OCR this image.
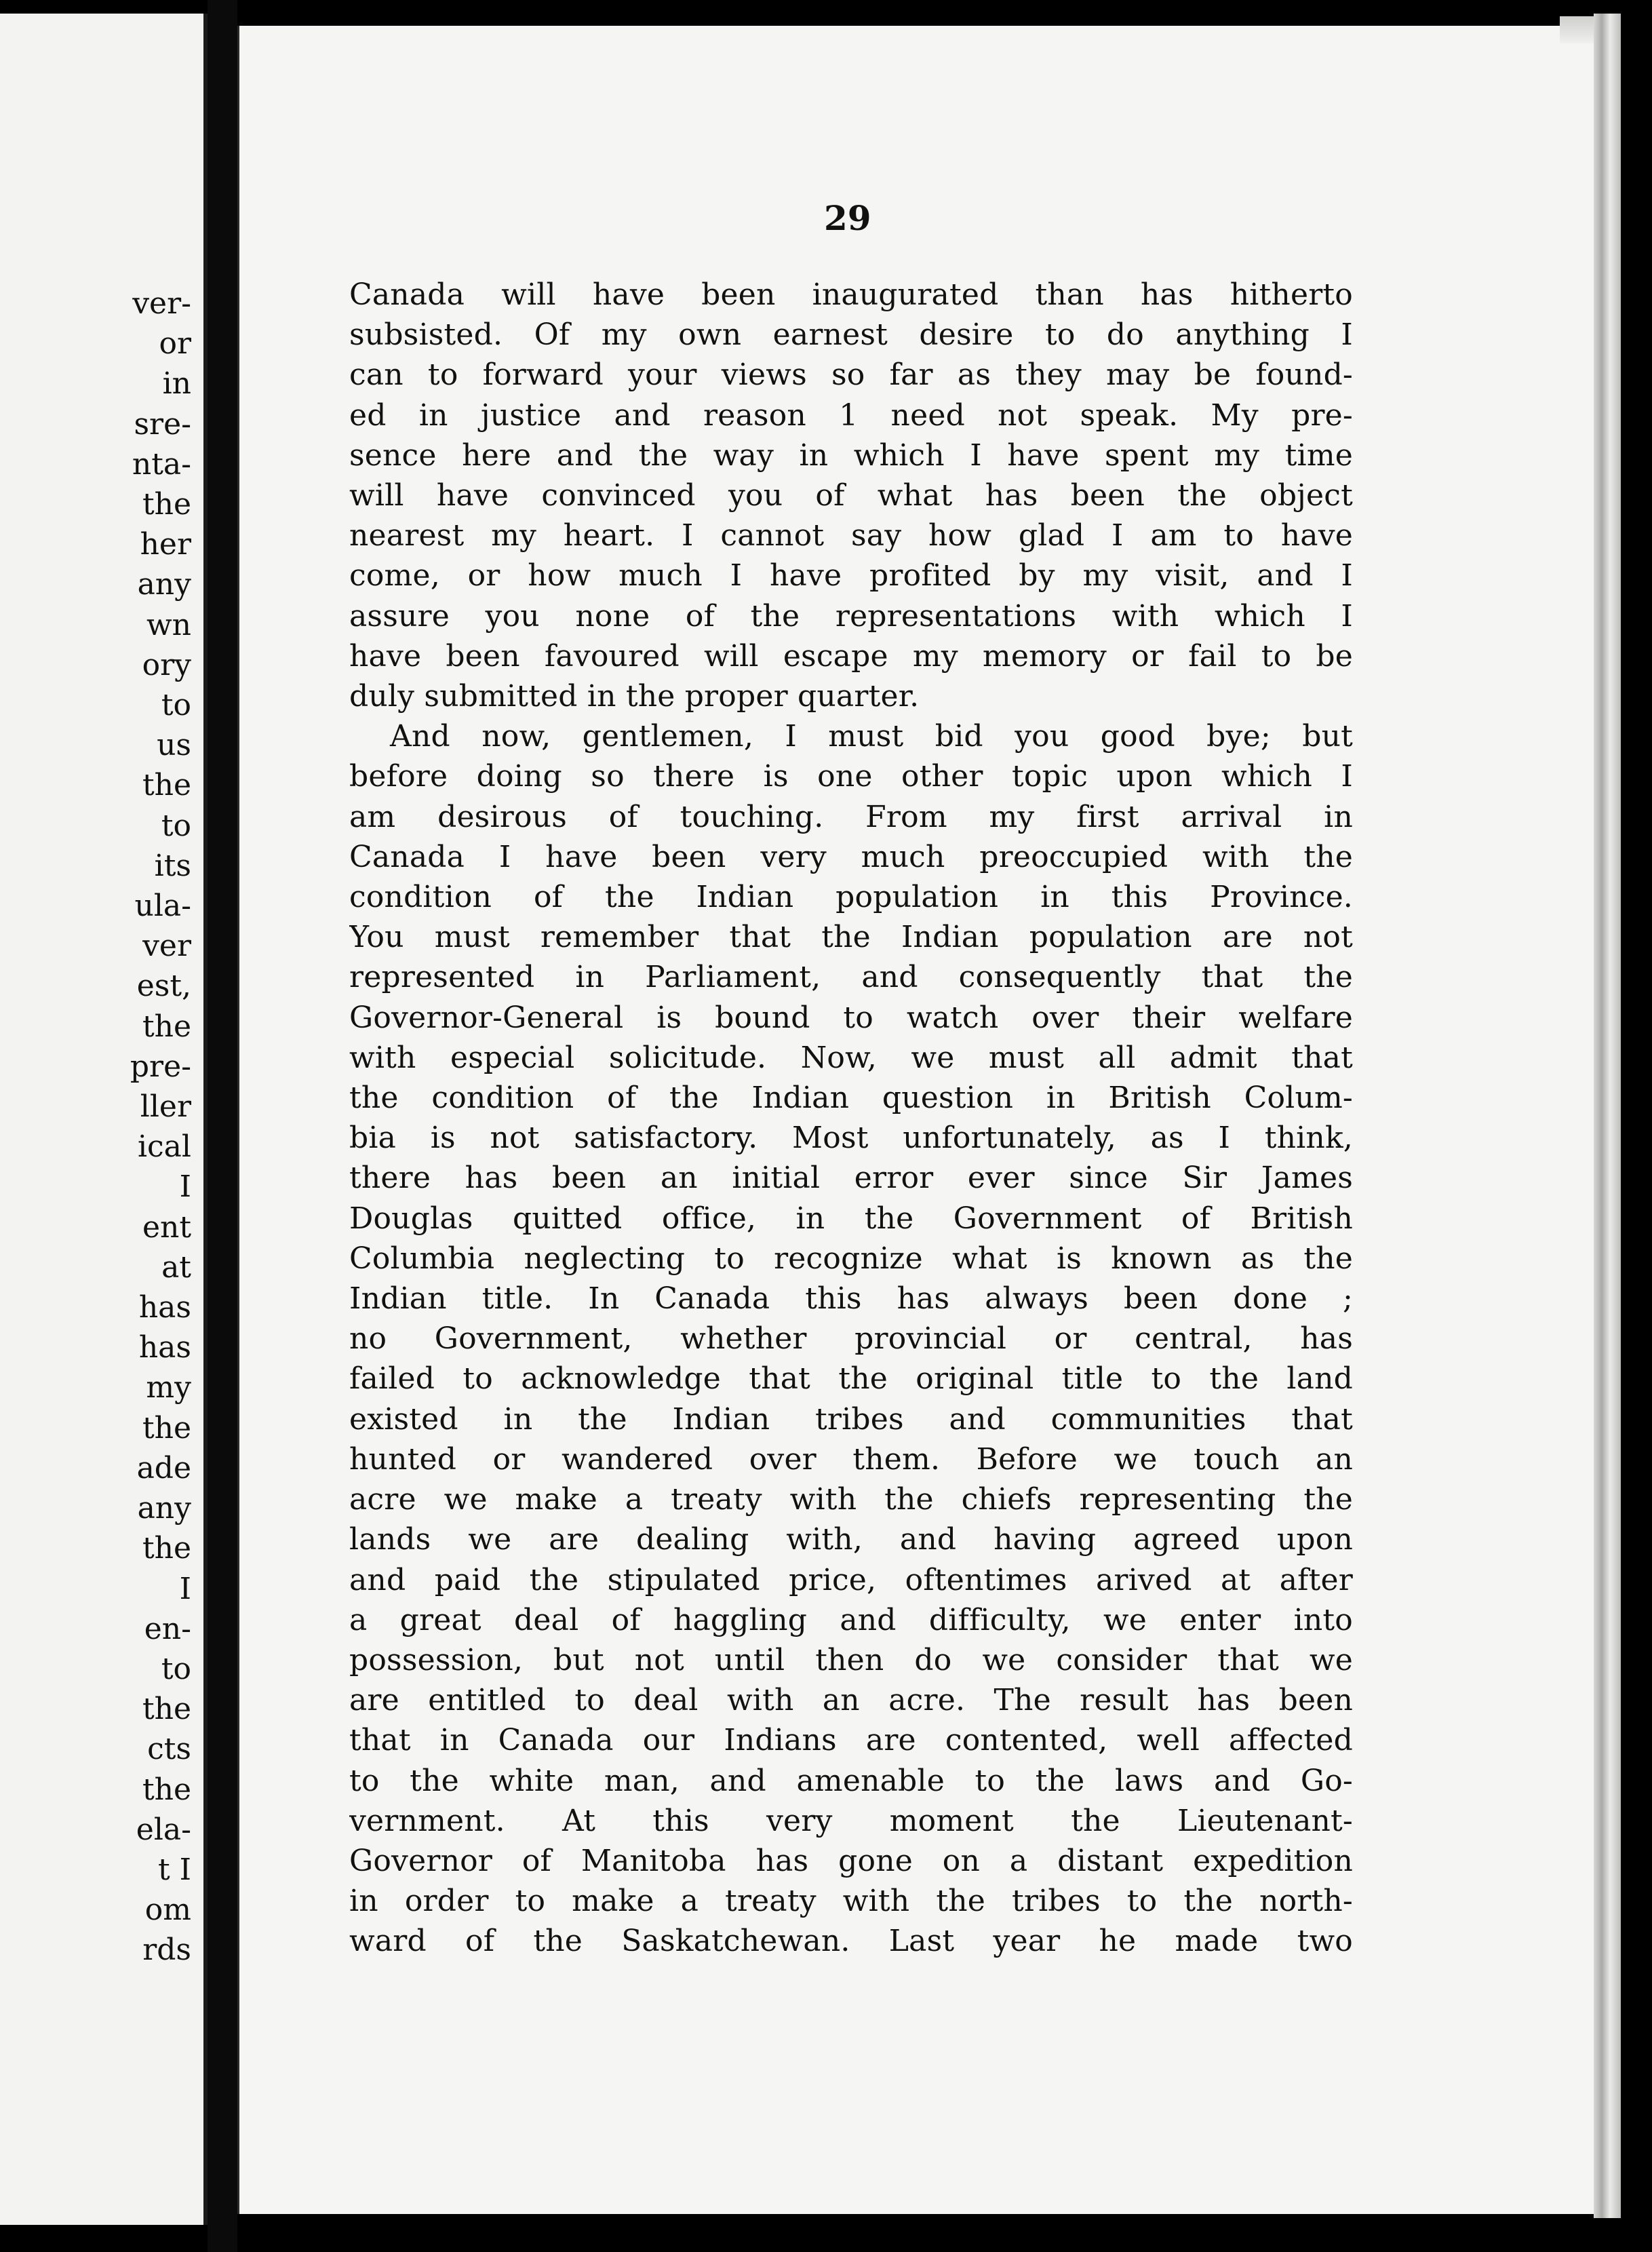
ver-
or
in
sre-
nta-
the
her
any
wn
ory
to
us
the
to
its
ula-
ver
est,
the
pre-
ller
ical
I
ent
at
has
has
my
the
ade
any
the
I
en-
to
the
cts
the
ela-
t I
om
rds
29
Canada will have been inaugurated than has hitherto
subsisted. Of my own earnest desire to do anything I
can to forward your views so far as they may be found-
ed in justice and reason 1 need not speak. My pre-
sence here and the way in which I have spent my time
will have convinced you of what has been the object
nearest my heart. I cannot say how glad I am to have
come, or how much I have profited by my visit, and I
assure you none of the representations with which I
have been favoured will escape my memory or fail to be
duly submitted in the proper quarter.
And now, gentlemen, I must bid you good bye; but
before doing so there is one other topic upon which I
am desirous of touching. From my first arrival in
Canada I have been very much preoccupied with the
condition of the Indian population in this Province.
You must remember that the Indian population are not
represented in Parliament, and consequently that the
Governor-General is bound to watch over their welfare
with especial solicitude. Now, we must all admit that
the condition of the Indian question in British Colum-
bia is not satisfactory. Most unfortunately, as I think,
there has been an initial error ever since Sir James
Douglas quitted office, in the Government of British
Columbia neglecting to recognize what is known as the
Indian title. In Canada this has always been done ;
no Government, whether provincial or central, has
failed to acknowledge that the original title to the land
existed in the Indian tribes and communities that
hunted or wandered over them. Before we touch an
acre we make a treaty with the chiefs representing the
lands we are dealing with, and having agreed upon
and paid the stipulated price, oftentimes arived at after
a great deal of haggling and difficulty, we enter into
possession, but not until then do we consider that we
are entitled to deal with an acre. The result has been
that in Canada our Indians are contented, well affected
to the white man, and amenable to the laws and Go-
vernment. At this very moment the Lieutenant-
Governor of Manitoba has gone on a distant expedition
in order to make a treaty with the tribes to the north-
ward of the Saskatchewan. Last year he made two
